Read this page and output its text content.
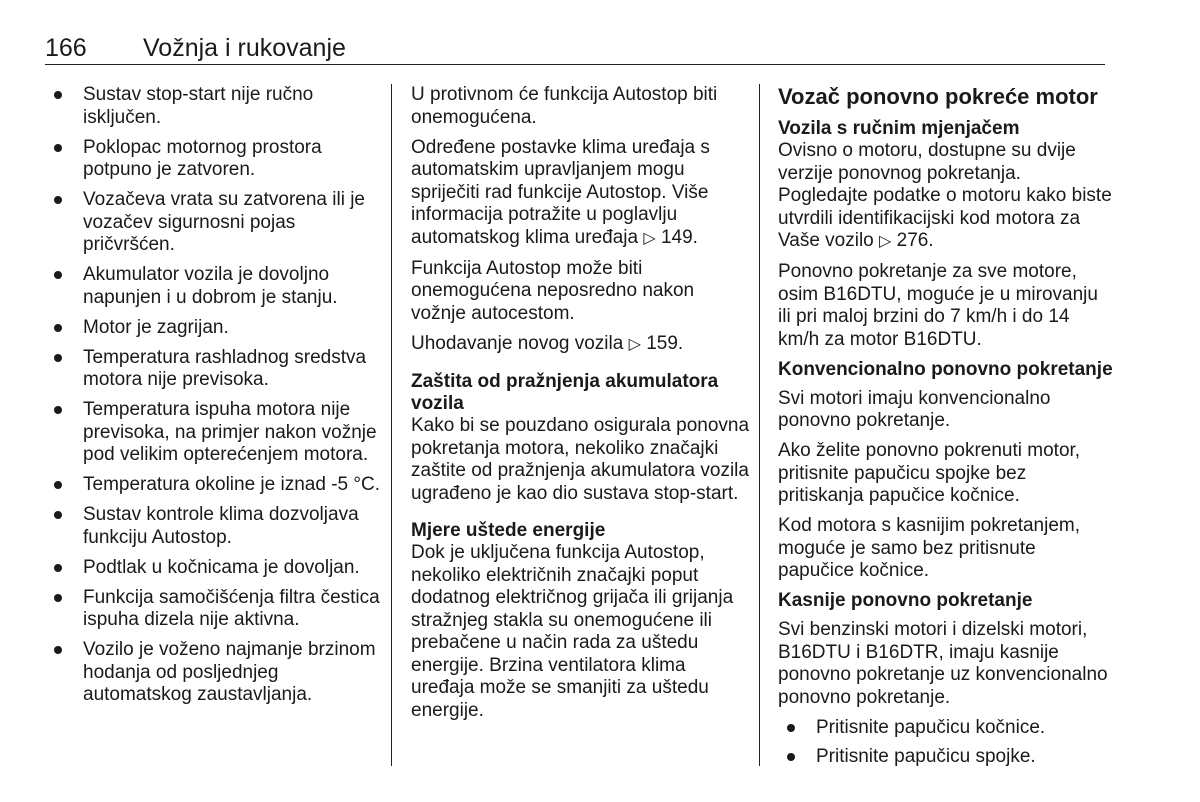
166 Vožnja i rukovanje
Sustav stop-start nije ručno isključen.
Poklopac motornog prostora potpuno je zatvoren.
Vozačeva vrata su zatvorena ili je vozačev sigurnosni pojas pričvršćen.
Akumulator vozila je dovoljno napunjen i u dobrom je stanju.
Motor je zagrijan.
Temperatura rashladnog sredstva motora nije previsoka.
Temperatura ispuha motora nije previsoka, na primjer nakon vožnje pod velikim opterećenjem motora.
Temperatura okoline je iznad -5 °C.
Sustav kontrole klima dozvoljava funkciju Autostop.
Podtlak u kočnicama je dovoljan.
Funkcija samočišćenja filtra čestica ispuha dizela nije aktivna.
Vozilo je voženo najmanje brzinom hodanja od posljednjeg automatskog zaustavljanja.

U protivnom će funkcija Autostop biti onemogućena.

Određene postavke klima uređaja s automatskim upravljanjem mogu spriječiti rad funkcije Autostop. Više informacija potražite u poglavlju automatskog klima uređaja ▷ 149.

Funkcija Autostop može biti onemogućena neposredno nakon vožnje autocestom.

Uhodavanje novog vozila ▷ 159.

Zaštita od pražnjenja akumulatora vozila

Kako bi se pouzdano osigurala ponovna pokretanja motora, nekoliko značajki zaštite od pražnjenja akumulatora vozila ugrađeno je kao dio sustava stop-start.

Mjere uštede energije

Dok je uključena funkcija Autostop, nekoliko električnih značajki poput dodatnog električnog grijača ili grijanja stražnjeg stakla su onemogućene ili prebačene u način rada za uštedu energije. Brzina ventilatora klima uređaja može se smanjiti za uštedu energije.

Vozač ponovno pokreće motor
Vozila s ručnim mjenjačem

Ovisno o motoru, dostupne su dvije verzije ponovnog pokretanja. Pogledajte podatke o motoru kako biste utvrdili identifikacijski kod motora za Vaše vozilo ▷ 276.

Ponovno pokretanje za sve motore, osim B16DTU, moguće je u mirovanju ili pri maloj brzini do 7 km/h i do 14 km/h za motor B16DTU.

Konvencionalno ponovno pokretanje

Svi motori imaju konvencionalno ponovno pokretanje.

Ako želite ponovno pokrenuti motor, pritisnite papučicu spojke bez pritiskanja papučice kočnice.

Kod motora s kasnijim pokretanjem, moguće je samo bez pritisnute papučice kočnice.

Kasnije ponovno pokretanje

Svi benzinski motori i dizelski motori, B16DTU i B16DTR, imaju kasnije ponovno pokretanje uz konvencionalno ponovno pokretanje.

Pritisnite papučicu kočnice.
Pritisnite papučicu spojke.
